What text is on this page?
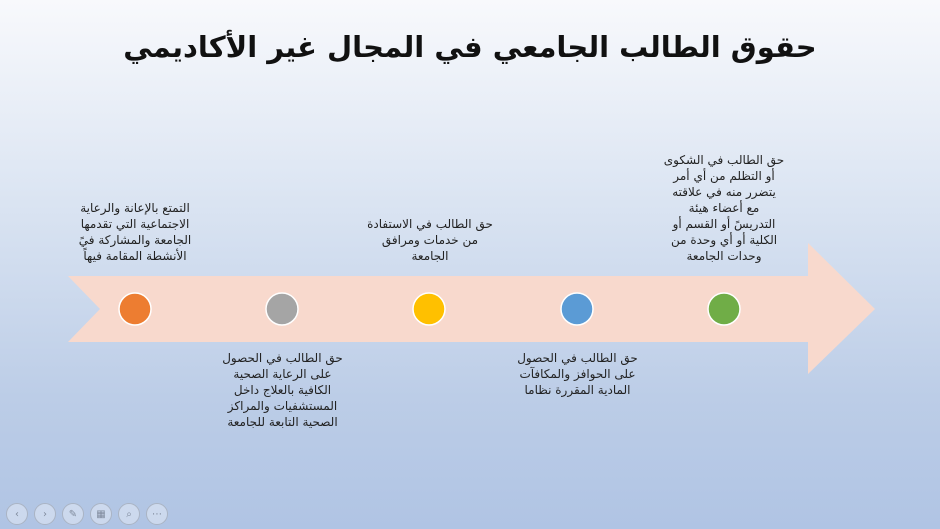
حقوق الطالب الجامعي في المجال غير الأكاديمي
التمتع بالإعانة والرعاية
الاجتماعية التي تقدمها
الجامعة والمشاركة فيً
الأنشطة المقامة فيهاً
حق الطالب في الحصول
على الرعاية الصحية
الكافية بالعلاج داخل
المستشفيات والمراكز
الصحية التابعة للجامعة
حق الطالب في الاستفادة
من خدمات ومرافق
الجامعة
حق الطالب في الحصول
على الحوافز والمكافآت
المادية المقررة نظاما
حق الطالب في الشكوى
أو التظلم من أي أمر
يتضرر منه في علاقته
مع أعضاء هيئة
التدريسً أو القسم أو
الكلية أو أي وحدة من
وحدات الجامعة
‹	›	✎	▦	⌕	⋯
